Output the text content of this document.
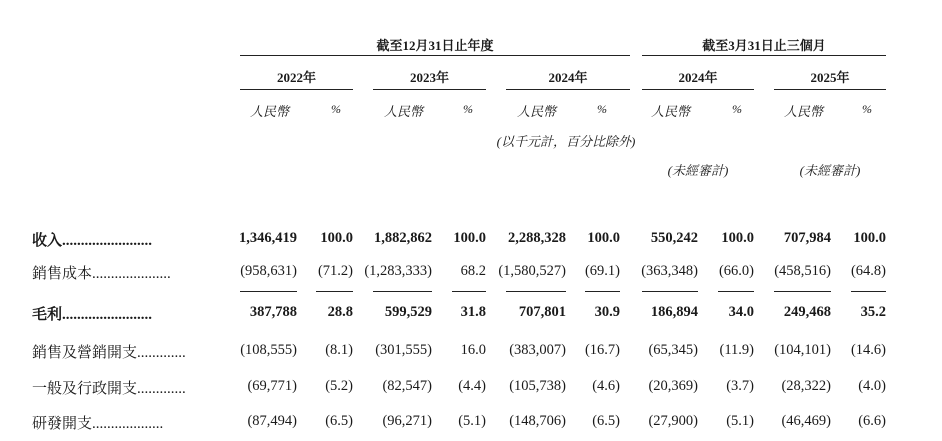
截至12月31日止年度	截至3月31日止三個月
2022年	2023年	2024年	2024年	2025年
人民幣	%	人民幣	%	人民幣	%	人民幣	%	人民幣	%
(以千元計，百分比除外)
(未經審計)	(未經審計)
收入........................	1,346,419	100.0	1,882,862	100.0	2,288,328	100.0	550,242	100.0	707,984	100.0
銷售成本.....................	(958,631)	(71.2) (1,283,333)	68.2 (1,580,527)	(69.1)	(363,348)	(66.0)	(458,516)	(64.8)
毛利........................	387,788	28.8	599,529	31.8	707,801	30.9	186,894	34.0	249,468	35.2
銷售及營銷開支.............	(108,555)	(8.1)	(301,555)	16.0	(383,007)	(16.7)	(65,345)	(11.9)	(104,101)	(14.6)
一般及行政開支.............	(69,771)	(5.2)	(82,547)	(4.4)	(105,738)	(4.6)	(20,369)	(3.7)	(28,322)	(4.0)
研發開支...................	(87,494)	(6.5)	(96,271)	(5.1)	(148,706)	(6.5)	(27,900)	(5.1)	(46,469)	(6.6)
